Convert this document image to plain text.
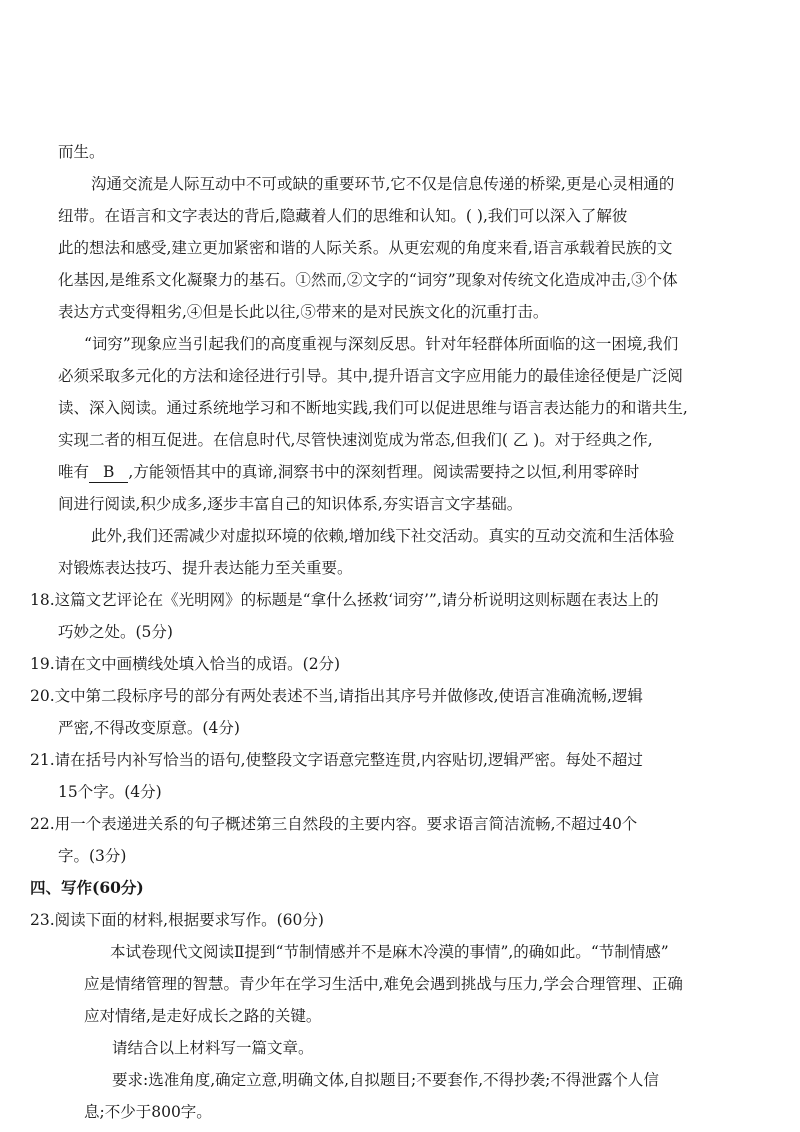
而生。
沟通交流是人际互动中不可或缺的重要环节,它不仅是信息传递的桥梁,更是心灵相通的
纽带。在语言和文字表达的背后,隐藏着人们的思维和认知。( ),我们可以深入了解彼
此的想法和感受,建立更加紧密和谐的人际关系。从更宏观的角度来看,语言承载着民族的文
化基因,是维系文化凝聚力的基石。①然而,②文字的“词穷”现象对传统文化造成冲击,③个体
表达方式变得粗劣,④但是长此以往,⑤带来的是对民族文化的沉重打击。
“词穷”现象应当引起我们的高度重视与深刻反思。针对年轻群体所面临的这一困境,我们
必须采取多元化的方法和途径进行引导。其中,提升语言文字应用能力的最佳途径便是广泛阅
读、深入阅读。通过系统地学习和不断地实践,我们可以促进思维与语言表达能力的和谐共生,
实现二者的相互促进。在信息时代,尽管快速浏览成为常态,但我们( 乙 )。对于经典之作,
唯有 B ,方能领悟其中的真谛,洞察书中的深刻哲理。阅读需要持之以恒,利用零碎时
间进行阅读,积少成多,逐步丰富自己的知识体系,夯实语言文字基础。
此外,我们还需减少对虚拟环境的依赖,增加线下社交活动。真实的互动交流和生活体验
对锻炼表达技巧、提升表达能力至关重要。
18.这篇文艺评论在《光明网》的标题是“拿什么拯救‘词穷’”,请分析说明这则标题在表达上的
巧妙之处。(5分)
19.请在文中画横线处填入恰当的成语。(2分)
20.文中第二段标序号的部分有两处表述不当,请指出其序号并做修改,使语言准确流畅,逻辑
严密,不得改变原意。(4分)
21.请在括号内补写恰当的语句,使整段文字语意完整连贯,内容贴切,逻辑严密。每处不超过
15个字。(4分)
22.用一个表递进关系的句子概述第三自然段的主要内容。要求语言简洁流畅,不超过40个
字。(3分)
四、写作(60分)
23.阅读下面的材料,根据要求写作。(60分)
本试卷现代文阅读Ⅱ提到“节制情感并不是麻木冷漠的事情”,的确如此。“节制情感”
应是情绪管理的智慧。青少年在学习生活中,难免会遇到挑战与压力,学会合理管理、正确
应对情绪,是走好成长之路的关键。
请结合以上材料写一篇文章。
要求:选准角度,确定立意,明确文体,自拟题目;不要套作,不得抄袭;不得泄露个人信
息;不少于800字。
